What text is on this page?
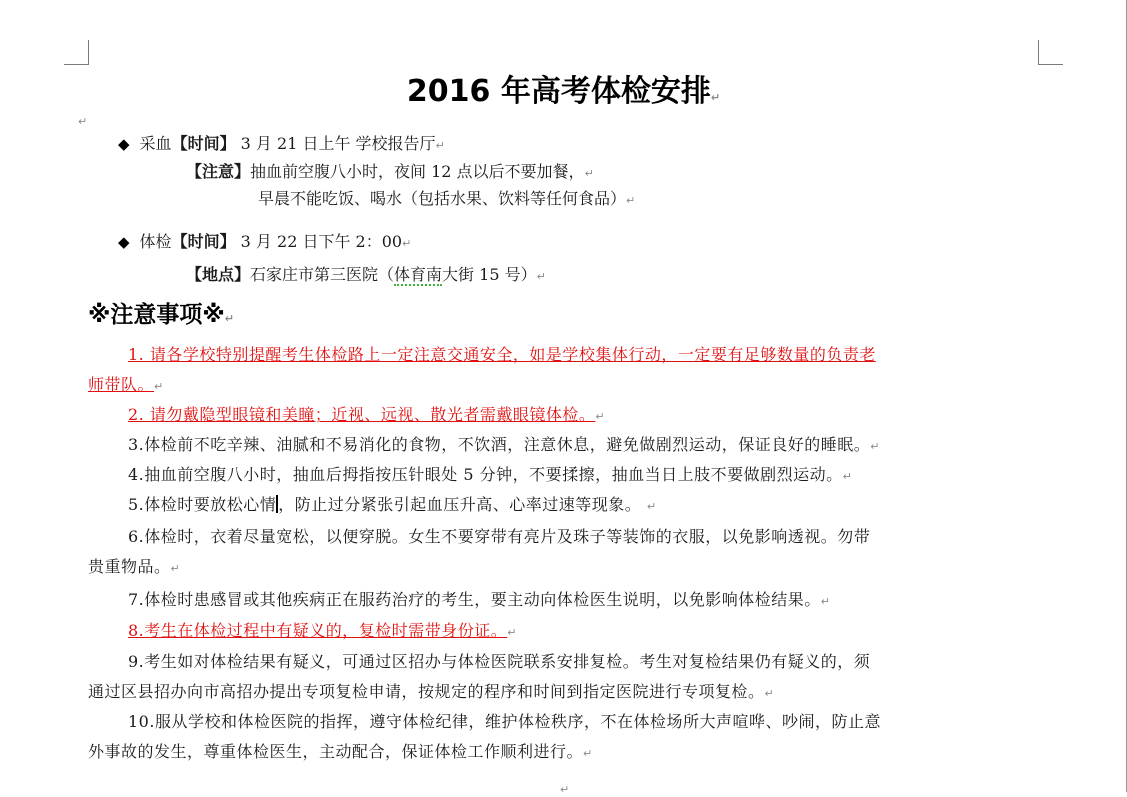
2016 年高考体检安排↵
↵
◆ 采血【时间】 3 月 21 日上午 学校报告厅↵
【注意】抽血前空腹八小时，夜间 12 点以后不要加餐，↵
早晨不能吃饭、喝水（包括水果、饮料等任何食品）↵
◆ 体检【时间】 3 月 22 日下午 2：00↵
【地点】石家庄市第三医院（体育南大街 15 号）↵
※注意事项※↵
1. 请各学校特别提醒考生体检路上一定注意交通安全，如是学校集体行动，一定要有足够数量的负责老
师带队。↵
2. 请勿戴隐型眼镜和美瞳；近视、远视、散光者需戴眼镜体检。↵
3.体检前不吃辛辣、油腻和不易消化的食物，不饮酒，注意休息，避免做剧烈运动，保证良好的睡眠。↵
4.抽血前空腹八小时，抽血后拇指按压针眼处 5 分钟，不要揉擦，抽血当日上肢不要做剧烈运动。↵
5.体检时要放松心情 ，防止过分紧张引起血压升高、心率过速等现象。 ↵
6.体检时，衣着尽量宽松，以便穿脱。女生不要穿带有亮片及珠子等装饰的衣服，以免影响透视。勿带
贵重物品。↵
7.体检时患感冒或其他疾病正在服药治疗的考生，要主动向体检医生说明，以免影响体检结果。↵
8.考生在体检过程中有疑义的，复检时需带身份证。↵
9.考生如对体检结果有疑义，可通过区招办与体检医院联系安排复检。考生对复检结果仍有疑义的，须
通过区县招办向市高招办提出专项复检申请，按规定的程序和时间到指定医院进行专项复检。↵
10.服从学校和体检医院的指挥，遵守体检纪律，维护体检秩序，不在体检场所大声喧哗、吵闹，防止意
外事故的发生，尊重体检医生，主动配合，保证体检工作顺利进行。↵
↵
